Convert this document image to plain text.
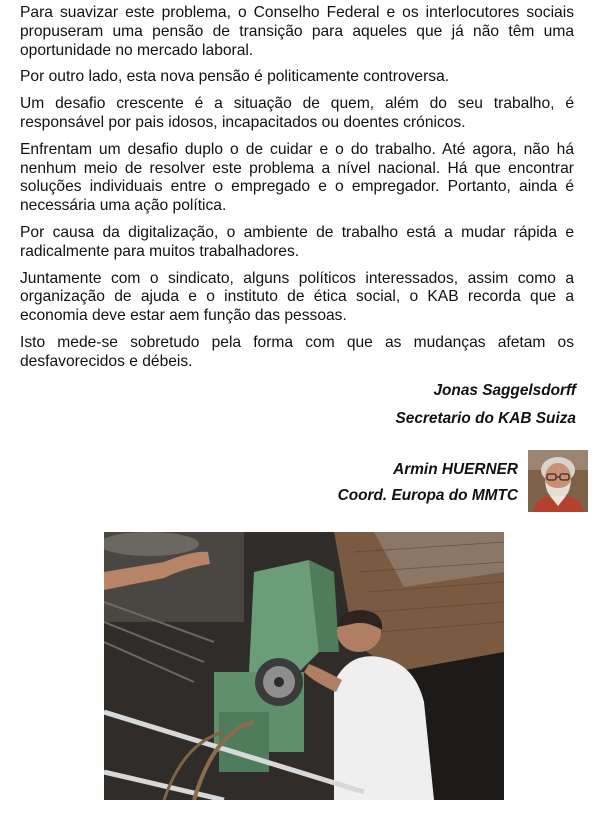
Para suavizar este problema, o Conselho Federal e os interlocutores sociais propuseram uma pensão de transição para aqueles que já não têm uma oportunidade no mercado laboral.

Por outro lado, esta nova pensão é politicamente controversa.

Um desafio crescente é a situação de quem, além do seu trabalho, é responsável por pais idosos, incapacitados ou doentes crónicos.

Enfrentam um desafio duplo o de cuidar e o do trabalho. Até agora, não há nenhum meio de resolver este problema a nível nacional. Há que encontrar soluções individuais entre o empregado e o empregador. Portanto, ainda é necessária uma ação política.

Por causa da digitalização, o ambiente de trabalho está a mudar rápida e radicalmente para muitos trabalhadores.

Juntamente com o sindicato, alguns políticos interessados, assim como a organização de ajuda e o instituto de ética social, o KAB recorda que a economia deve estar aem função das pessoas.

Isto mede-se sobretudo pela forma com que as mudanças afetam os desfavorecidos e débeis.

Jonas Saggelsdorff
Secretario do KAB Suiza
Armin HUERNER
Coord. Europa do MMTC
